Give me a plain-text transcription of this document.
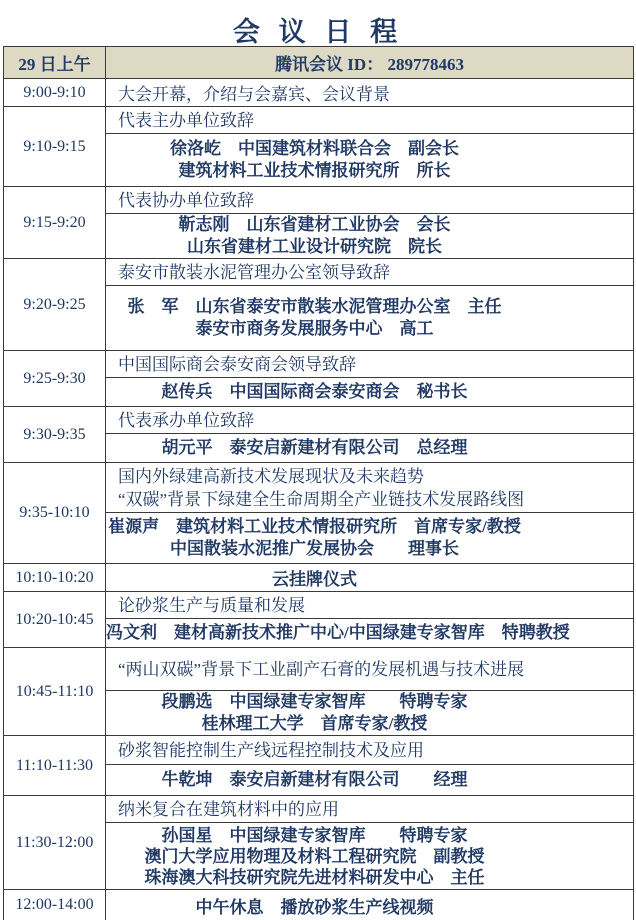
会 议 日 程
29 日上午	腾讯会议 ID： 289778463
9:00-9:10	大会开幕，介绍与会嘉宾、会议背景
9:10-9:15	代表主办单位致辞

	徐洛屹　中国建筑材料联合会　副会长
建筑材料工业技术情报研究所　所长

9:15-9:20	代表协办单位致辞

	靳志刚　山东省建材工业协会　会长
山东省建材工业设计研究院　院长

9:20-9:25	泰安市散装水泥管理办公室领导致辞

	张　军　山东省泰安市散装水泥管理办公室　主任
泰安市商务发展服务中心　高工

9:25-9:30	中国国际商会泰安商会领导致辞

	赵传兵　中国国际商会泰安商会　秘书长

9:30-9:35	代表承办单位致辞

	胡元平　泰安启新建材有限公司　总经理

9:35-10:10	国内外绿建高新技术发展现状及未来趋势
“双碳”背景下绿建全生命周期全产业链技术发展路线图

	崔源声　建筑材料工业技术情报研究所　首席专家/教授
中国散装水泥推广发展协会　　理事长

10:10-10:20	云挂牌仪式
10:20-10:45	论砂浆生产与质量和发展

	冯文利　建材高新技术推广中心/中国绿建专家智库　特聘教授

10:45-11:10	“两山双碳”背景下工业副产石膏的发展机遇与技术进展

	段鹏选　中国绿建专家智库　　特聘专家
桂林理工大学　首席专家/教授

11:10-11:30	砂浆智能控制生产线远程控制技术及应用

	牛乾坤　泰安启新建材有限公司　　经理

11:30-12:00	纳米复合在建筑材料中的应用

	孙国星　中国绿建专家智库　　特聘专家
澳门大学应用物理及材料工程研究院　副教授
珠海澳大科技研究院先进材料研发中心　主任

12:00-14:00	中午休息　播放砂浆生产线视频
